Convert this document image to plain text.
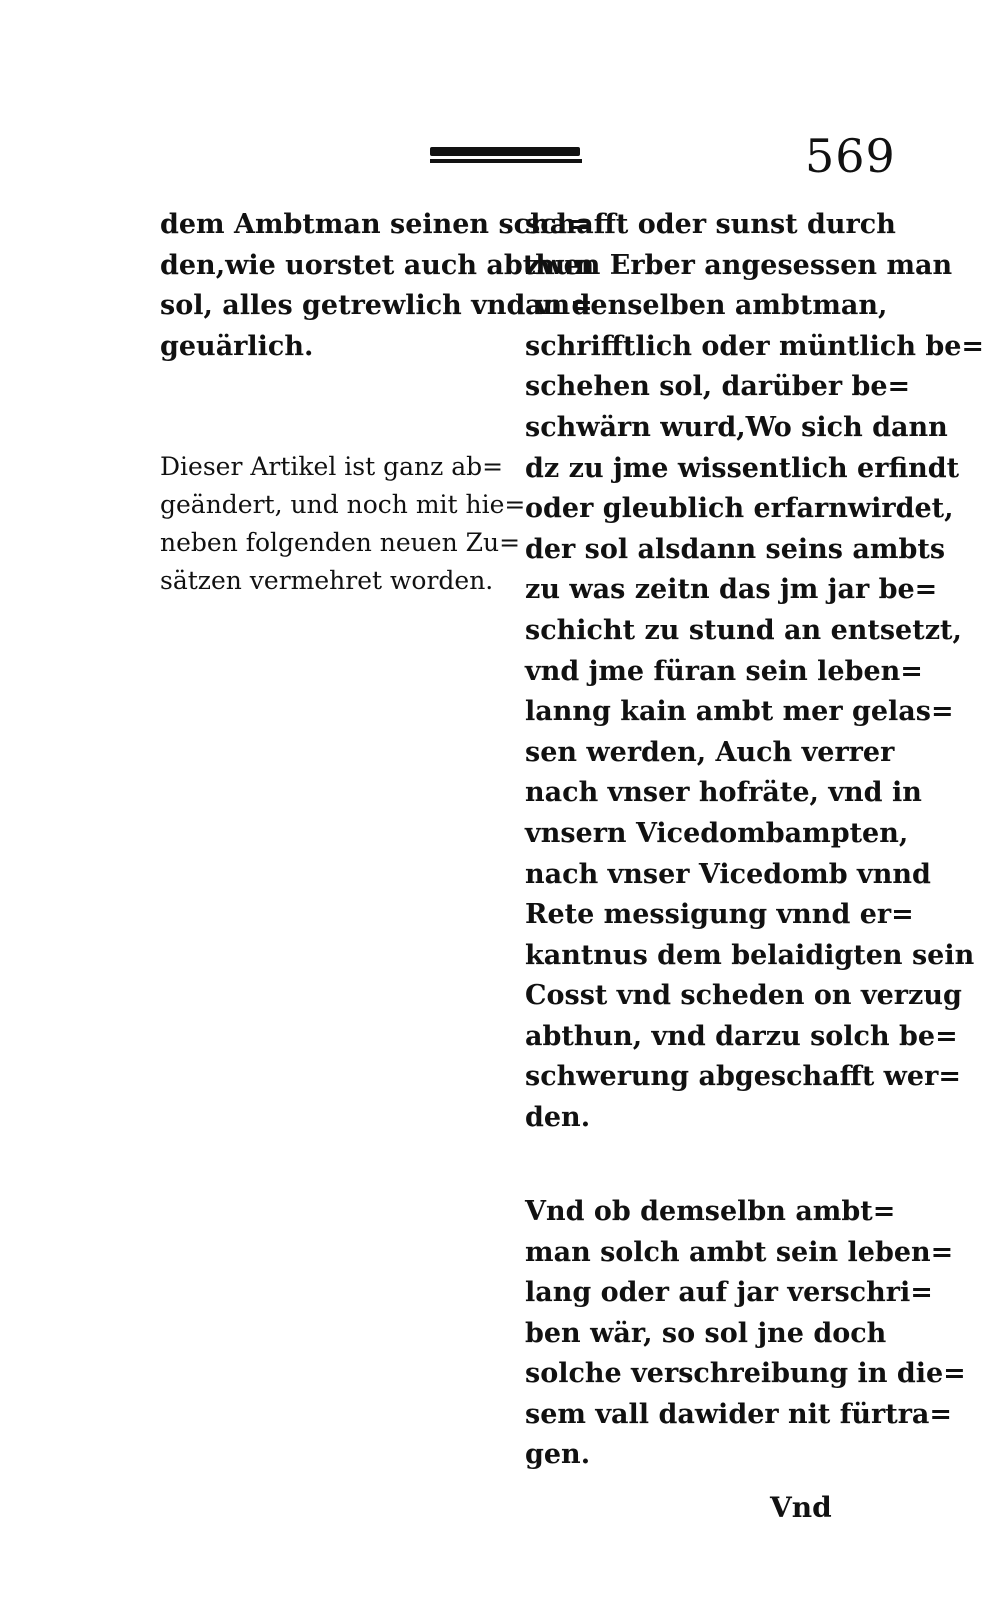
569

dem Ambtman seinen scha=
den,wie uorstet auch abthun
sol, alles getrewlich vnd vn=
geuärlich.

Dieser Artikel ist ganz ab=
geändert, und noch mit hie=
neben folgenden neuen Zu=
sätzen vermehret worden.

schafft oder sunst durch
zwen Erber angesessen man
an denselben ambtman,
schrifftlich oder müntlich be=
schehen sol, darüber be=
schwärn wurd,Wo sich dann
dz zu jme wissentlich erfindt
oder gleublich erfarnwirdet,
der sol alsdann seins ambts
zu was zeitn das jm jar be=
schicht zu stund an entsetzt,
vnd jme füran sein leben=
lanng kain ambt mer gelas=
sen werden, Auch verrer
nach vnser hofräte, vnd in
vnsern Vicedombampten,
nach vnser Vicedomb vnnd
Rete messigung vnnd er=
kantnus dem belaidigten sein
Cosst vnd scheden on verzug
abthun, vnd darzu solch be=
schwerung abgeschafft wer=
den.

Vnd ob demselbn ambt=
man solch ambt sein leben=
lang oder auf jar verschri=
ben wär, so sol jne doch
solche verschreibung in die=
sem vall dawider nit fürtra=
gen.

Vnd
